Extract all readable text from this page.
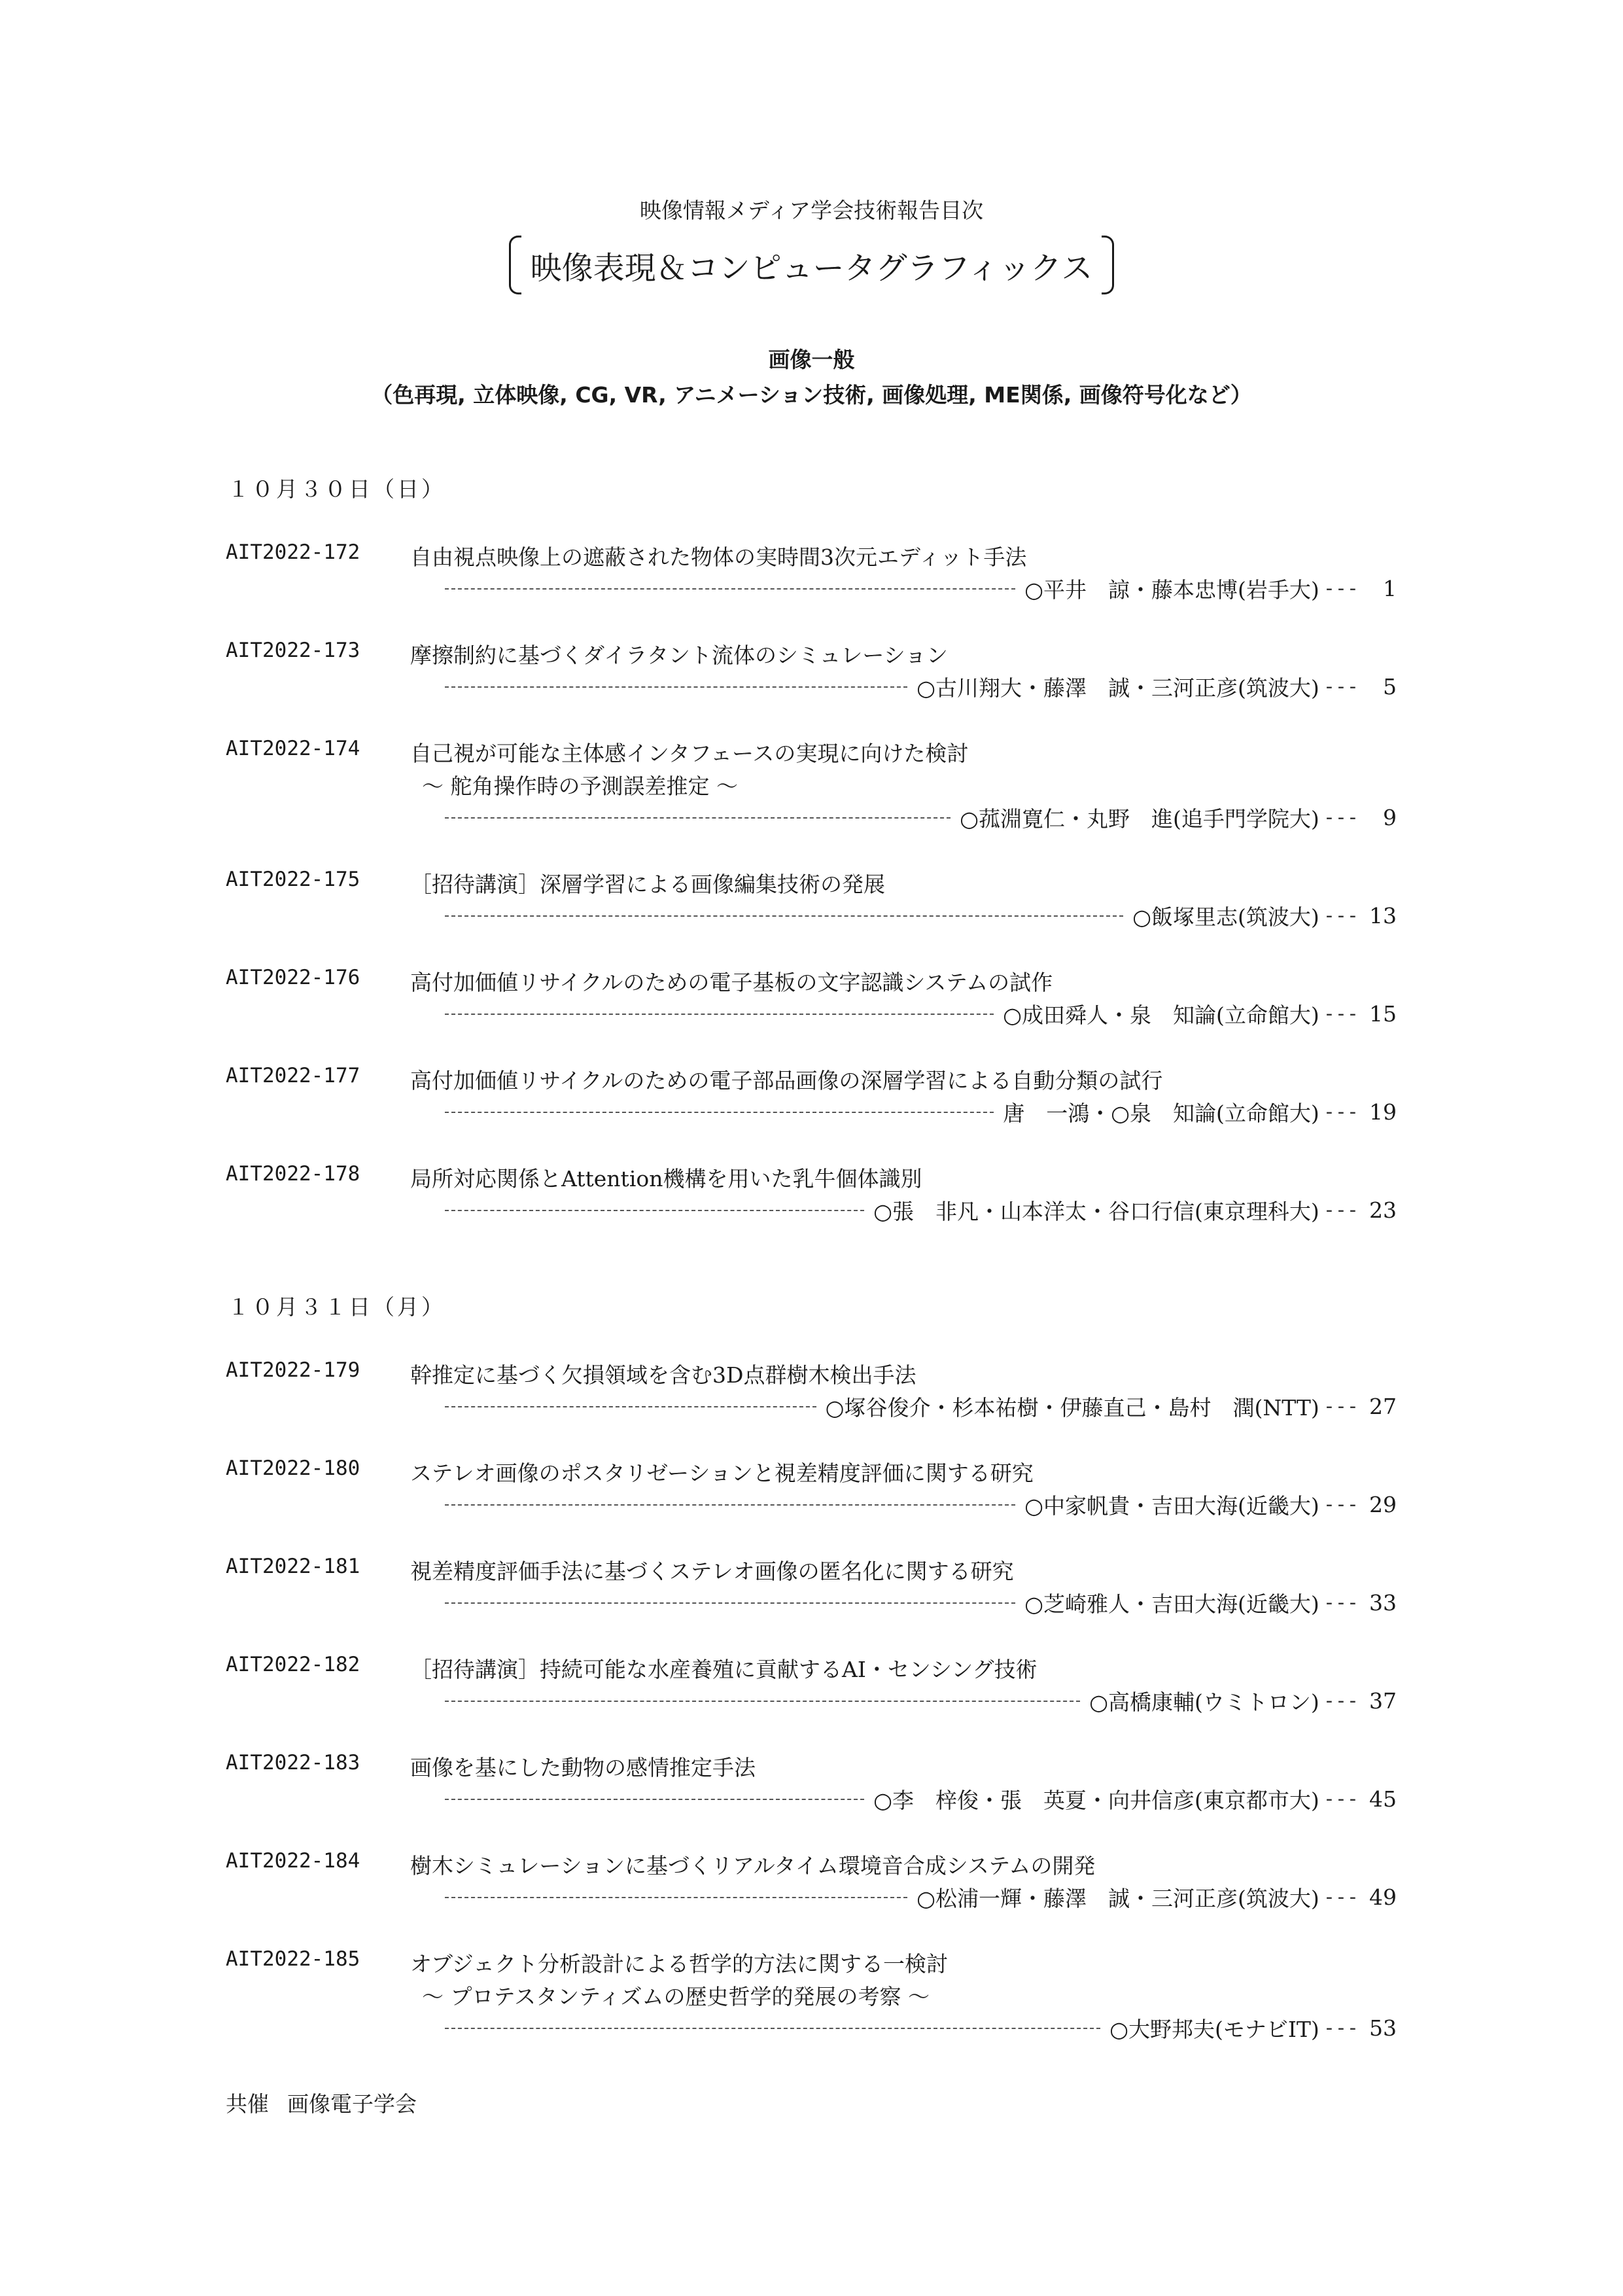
映像情報メディア学会技術報告目次
映像表現＆コンピュータグラフィックス
画像一般
（色再現, 立体映像, CG, VR, アニメーション技術, 画像処理, ME関係, 画像符号化など）
１０月３０日（日）
AIT2022-172 自由視点映像上の遮蔽された物体の実時間3次元エディット手法
○平井　諒・藤本忠博(岩手大) ---	1
AIT2022-173 摩擦制約に基づくダイラタント流体のシミュレーション
○古川翔大・藤澤　誠・三河正彦(筑波大) ---	5
AIT2022-174 自己視が可能な主体感インタフェースの実現に向けた検討
～ 舵角操作時の予測誤差推定 ～
○菰淵寛仁・丸野　進(追手門学院大) ---	9
AIT2022-175 ［招待講演］深層学習による画像編集技術の発展
○飯塚里志(筑波大) --- 13
AIT2022-176 高付加価値リサイクルのための電子基板の文字認識システムの試作
○成田舜人・泉　知論(立命館大) --- 15
AIT2022-177 高付加価値リサイクルのための電子部品画像の深層学習による自動分類の試行
唐　一鴻・○泉　知論(立命館大) --- 19
AIT2022-178 局所対応関係とAttention機構を用いた乳牛個体識別
○張　非凡・山本洋太・谷口行信(東京理科大) --- 23
１０月３１日（月）
AIT2022-179 幹推定に基づく欠損領域を含む3D点群樹木検出手法
○塚谷俊介・杉本祐樹・伊藤直己・島村　潤(NTT) --- 27
AIT2022-180 ステレオ画像のポスタリゼーションと視差精度評価に関する研究
○中家帆貴・吉田大海(近畿大) --- 29
AIT2022-181 視差精度評価手法に基づくステレオ画像の匿名化に関する研究
○芝崎雅人・吉田大海(近畿大) --- 33
AIT2022-182 ［招待講演］持続可能な水産養殖に貢献するAI・センシング技術
○高橋康輔(ウミトロン) --- 37
AIT2022-183 画像を基にした動物の感情推定手法
○李　梓俊・張　英夏・向井信彦(東京都市大) --- 45
AIT2022-184 樹木シミュレーションに基づくリアルタイム環境音合成システムの開発
○松浦一輝・藤澤　誠・三河正彦(筑波大) --- 49
AIT2022-185 オブジェクト分析設計による哲学的方法に関する一検討
～ プロテスタンティズムの歴史哲学的発展の考察 ～
○大野邦夫(モナビIT) --- 53
共催 画像電子学会
